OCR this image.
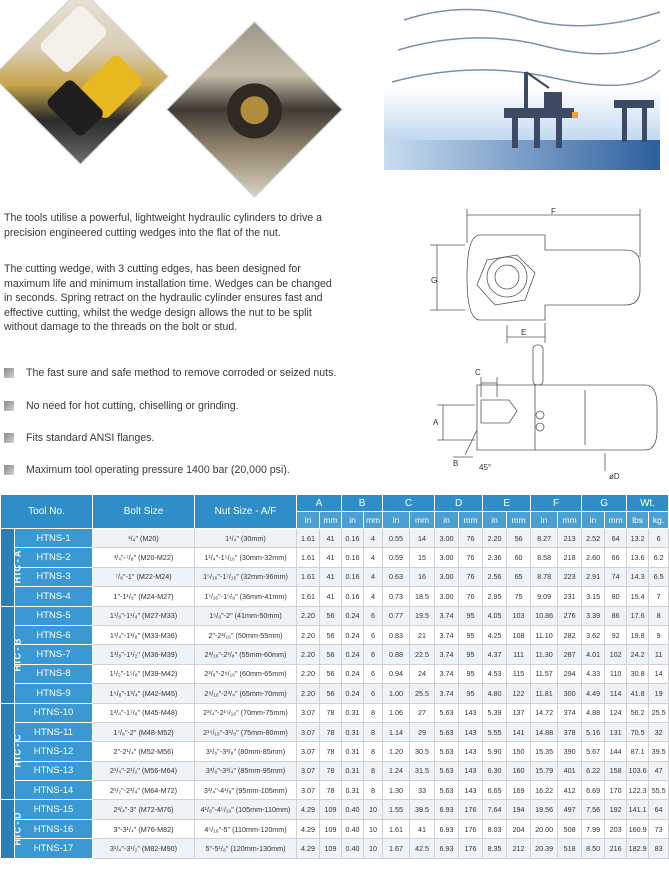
The tools utilise a powerful, lightweight hydraulic cylinders to drive a precision engineered cutting wedges into the flat of the nut.

The cutting wedge, with 3 cutting edges, has been designed for maximum life and minimum installation time. Wedges can be changed in seconds. Spring retract on the hydraulic cylinder ensures fast and effective cutting, whilst the wedge design allows the nut to be split without damage to the threads on the bolt or stud.

The fast sure and safe method to remove corroded or seized nuts.
No need for hot cutting, chiselling or grinding.
Fits standard ANSI flanges.
Maximum tool operating pressure 1400 bar (20,000 psi).
F
G
E
C
A
B	45°
øD
Tool No.		Bolt Size	Nut Size - A/F	A		B		C		D		E		F		G		Wt.	
				in	mm	in	mm	in	mm	in	mm	in	mm	in	mm	in	mm	lbs	kg.
HTC - A	HTNS-1	³/₄" (M20)	1¹/₄" (30mm)	1.61	41	0.16	4	0.55	14	3.00	76	2.20	56	8.27	213	2.52	64	13.2	6
	HTNS-2	³/₄"-⁷/₈" (M20-M22)	1¹/₄"-1⁵/₁₆" (30mm-32mm)	1.61	41	0.16	4	0.59	15	3.00	76	2.36	60	8.58	218	2.60	66	13.6	6.2
	HTNS-3	⁷/₈"-1" (M22-M24)	1⁵/₁₆"-1⁷/₁₆" (32mm-36mm)	1.61	41	0.16	4	0.63	16	3.00	76	2.56	65	8.78	223	2.91	74	14.3	6.5
	HTNS-4	1"-1¹/₈" (M24-M27)	1⁷/₁₆"-1⁵/₈" (36mm-41mm)	1.61	41	0.16	4	0.73	18.5	3.00	76	2.95	75	9.09	231	3.15	80	15.4	7
HTC - B	HTNS-5	1¹/₈"-1¹/₄" (M27-M33)	1⁵/₈"-2" (41mm-50mm)	2.20	56	0.24	6	0.77	19.5	3.74	95	4.05	103	10.86	276	3.39	86	17.6	8
	HTNS-6	1¹/₄"-1³/₈" (M33-M36)	2"-2³/₁₆" (50mm-55mm)	2.20	56	0.24	6	0.83	21	3.74	95	4.25	108	11.10	282	3.62	92	19.8	9
	HTNS-7	1³/₈"-1¹/₂" (M36-M39)	2³/₁₆"-2³/₈" (55mm-60mm)	2.20	56	0.24	6	0.88	22.5	3.74	95	4.37	111	11.30	287	4.01	102	24.2	11
	HTNS-8	1¹/₂"-1⁵/₈" (M39-M42)	2³/₈"-2⁹/₁₆" (60mm-65mm)	2.20	56	0.24	6	0.94	24	3.74	95	4.53	115	11.57	294	4.33	110	30.8	14
	HTNS-9	1⁵/₈"-1³/₄" (M42-M45)	2⁹/₁₆"-2³/₄" (65mm-70mm)	2.20	56	0.24	6	1.00	25.5	3.74	95	4.80	122	11.81	300	4.49	114	41.8	19
HTC - C	HTNS-10	1³/₄"-1⁷/₈" (M45-M48)	2³/₄"-2¹⁵/₁₆" (70mm-75mm)	3.07	78	0.31	8	1.06	27	5.63	143	5.39	137	14.72	374	4.88	124	56.2	25.5
	HTNS-11	1⁷/₈"-2" (M48-M52)	2¹⁵/₁₆"-3¹/₈" (75mm-80mm)	3.07	78	0.31	8	1.14	29	5.63	143	5.55	141	14.88	378	5.16	131	70.5	32
	HTNS-12	2"-2¹/₄" (M52-M56)	3¹/₈"-3³/₈" (80mm-85mm)	3.07	78	0.31	8	1.20	30.5	5.63	143	5.90	150	15.35	390	5.67	144	87.1	39.5
	HTNS-13	2¹/₄"-2¹/₂" (M56-M64)	3³/₈"-3³/₄" (85mm-95mm)	3.07	78	0.31	8	1.24	31.5	5.63	143	6.30	160	15.79	401	6.22	158	103.6	47
	HTNS-14	2¹/₂"-2³/₄" (M64-M72)	3³/₄"-4¹/₈" (95mm-105mm)	3.07	78	0.31	8	1.30	33	5.63	143	6.65	169	16.22	412	6.69	170	122.3	55.5
HTC - D	HTNS-15	2³/₄"-3" (M72-M76)	4¹/₈"-4⁵/₁₆" (105mm-110mm)	4.29	109	0.40	10	1.55	39.5	6.93	176	7.64	194	19.56	497	7.56	192	141.1	64
	HTNS-16	3"-3¹/₄" (M76-M82)	4⁵/₁₆"-5" (110mm-120mm)	4.29	109	0.40	10	1.61	41	6.93	176	8.03	204	20.00	508	7.99	203	160.9	73
	HTNS-17	3¹/₄"-3¹/₂" (M82-M90)	5"-5¹/₈" (120mm-130mm)	4.29	109	0.40	10	1.67	42.5	6.93	176	8.35	212	20.39	518	8.50	216	182.9	83
